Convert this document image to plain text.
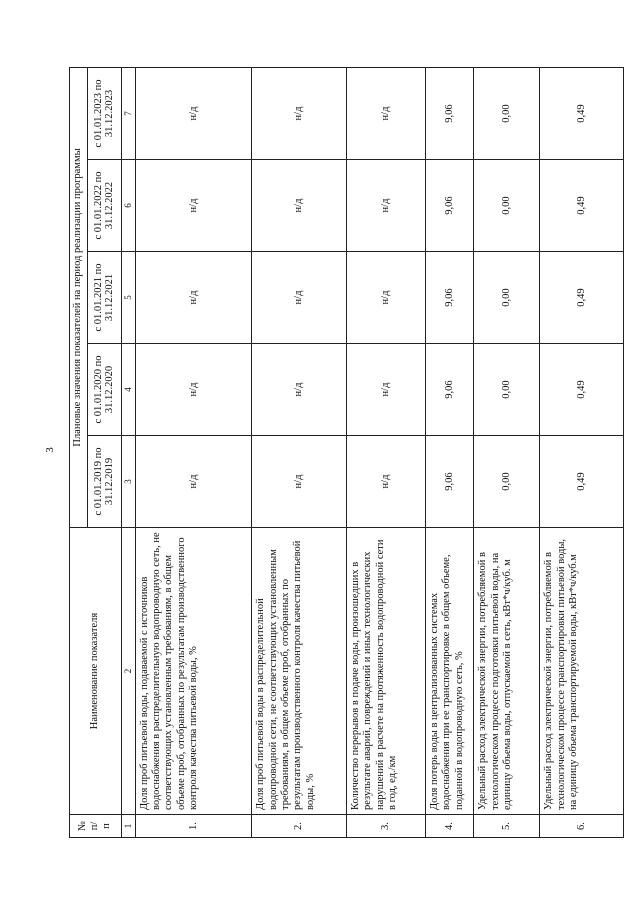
3
№ п/п	Наименование показателя	Плановые значения показателей на период реализации программы				
		с 01.01.2019 по 31.12.2019	с 01.01.2020 по 31.12.2020	с 01.01.2021 по 31.12.2021	с 01.01.2022 по 31.12.2022	с 01.01.2023 по 31.12.2023
1	2	3	4	5	6	7
1.	Доля проб питьевой воды, подаваемой с источников водоснабжения в распределительную водопроводную сеть, не соответствующих установленным требованиям, в общем объеме проб, отобранных по результатам производственного контроля качества питьевой воды, %	н/д	н/д	н/д	н/д	н/д
2.	Доля проб питьевой воды в распределительной водопроводной сети, не соответствующих установленным требованиям, в общем объеме проб, отобранных по результатам производственного контроля качества питьевой воды, %	н/д	н/д	н/д	н/д	н/д
3.	Количество перерывов в подаче воды, произошедших в результате аварий, повреждений и иных технологических нарушений в расчете на протяженность водопроводной сети в год, ед./км	н/д	н/д	н/д	н/д	н/д
4.	Доля потерь воды в централизованных системах водоснабжения при ее транспортировке в общем объеме, поданной в водопроводную сеть, %	9,06	9,06	9,06	9,06	9,06
5.	Удельный расход электрической энергии, потребляемой в технологическом процессе подготовки питьевой воды, на единицу объема воды, отпускаемой в сеть, кВт*ч/куб. м	0,00	0,00	0,00	0,00	0,00
6.	Удельный расход электрической энергии, потребляемой в технологическом процессе транспортировки питьевой воды, на единицу объема транспортируемой воды, кВт*ч/куб.м	0,49	0,49	0,49	0,49	0,49
